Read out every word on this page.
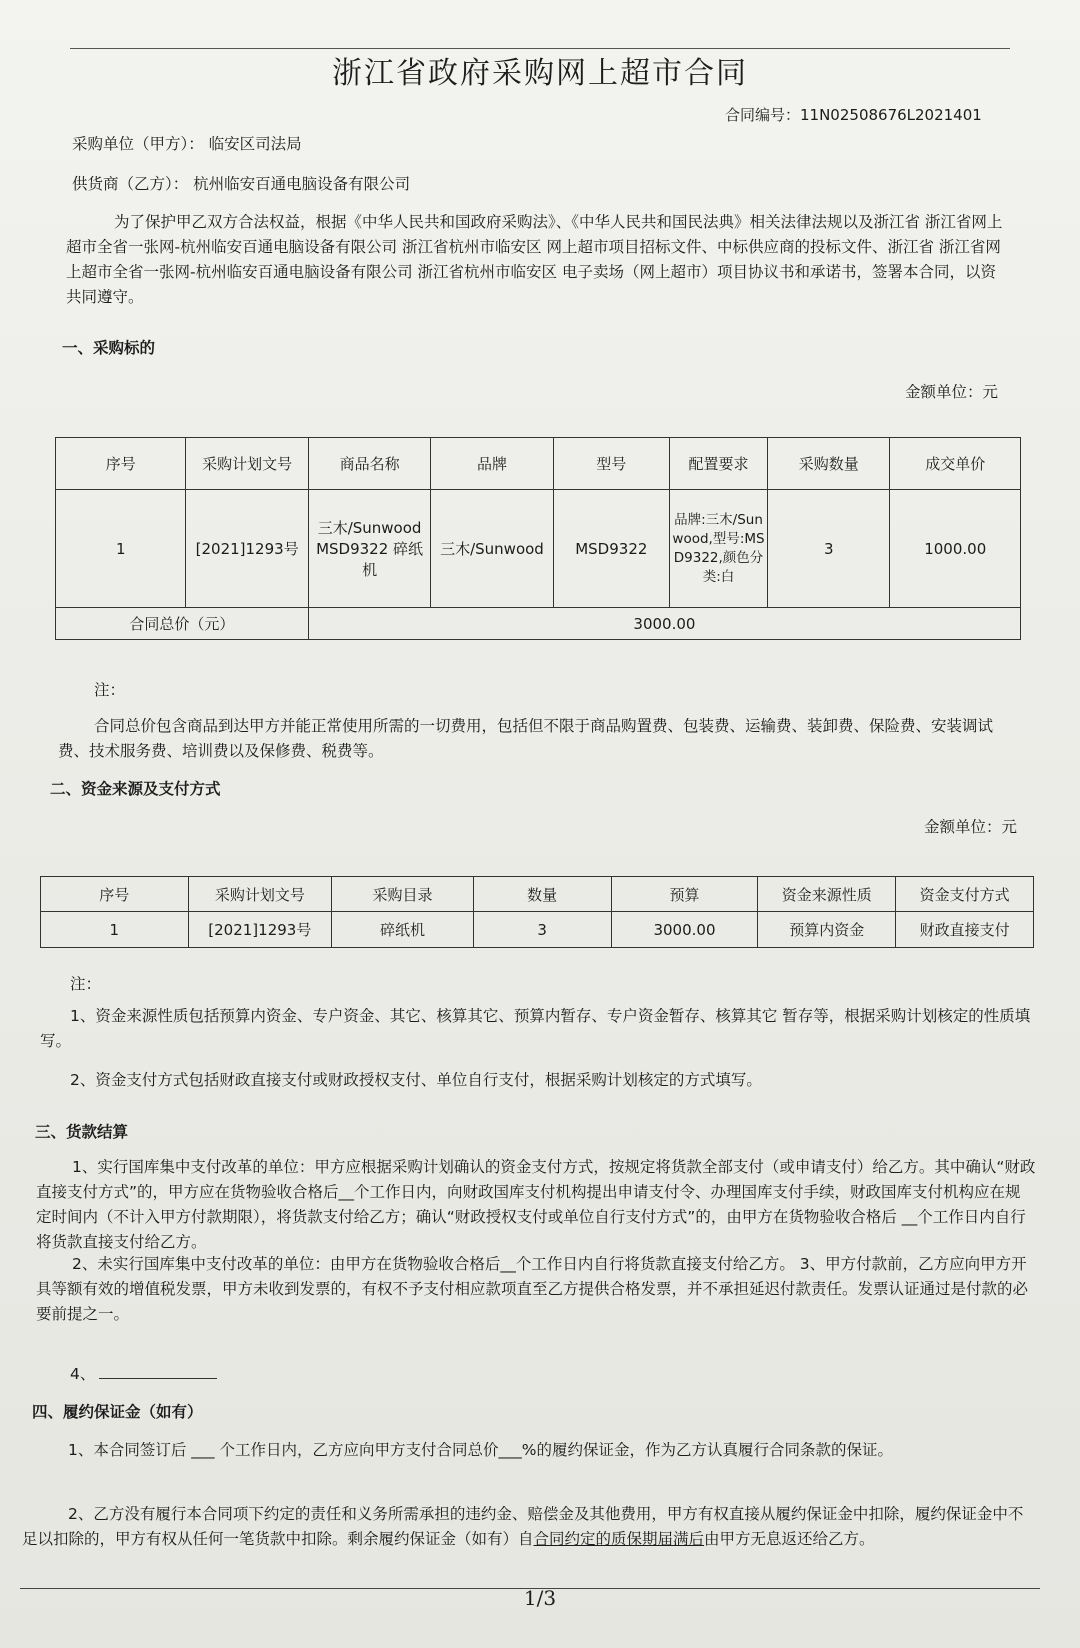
浙江省政府采购网上超市合同
合同编号：11N02508676L2021401
采购单位（甲方）： 临安区司法局
供货商（乙方）： 杭州临安百通电脑设备有限公司
为了保护甲乙双方合法权益，根据《中华人民共和国政府采购法》、《中华人民共和国民法典》相关法律法规以及浙江省 浙江省网上超市全省一张网-杭州临安百通电脑设备有限公司 浙江省杭州市临安区 网上超市项目招标文件、中标供应商的投标文件、浙江省 浙江省网上超市全省一张网-杭州临安百通电脑设备有限公司 浙江省杭州市临安区 电子卖场（网上超市）项目协议书和承诺书，签署本合同，以资共同遵守。
一、采购标的
金额单位：元
序号	采购计划文号	商品名称	品牌	型号	配置要求	采购数量	成交单价
1	[2021]1293号	三木/Sunwood MSD9322 碎纸机	三木/Sunwood	MSD9322	品牌:三木/Sunwood,型号:MSD9322,颜色分类:白	3	1000.00
合同总价（元）		3000.00					
注：
合同总价包含商品到达甲方并能正常使用所需的一切费用，包括但不限于商品购置费、包装费、运输费、装卸费、保险费、安装调试费、技术服务费、培训费以及保修费、税费等。
二、资金来源及支付方式
金额单位：元
序号	采购计划文号	采购目录	数量	预算	资金来源性质	资金支付方式
1	[2021]1293号	碎纸机	3	3000.00	预算内资金	财政直接支付
注：
1、资金来源性质包括预算内资金、专户资金、其它、核算其它、预算内暂存、专户资金暂存、核算其它 暂存等，根据采购计划核定的性质填写。
2、资金支付方式包括财政直接支付或财政授权支付、单位自行支付，根据采购计划核定的方式填写。
三、货款结算
1、实行国库集中支付改革的单位：甲方应根据采购计划确认的资金支付方式，按规定将货款全部支付（或申请支付）给乙方。其中确认“财政直接支付方式”的，甲方应在货物验收合格后__个工作日内，向财政国库支付机构提出申请支付令、办理国库支付手续，财政国库支付机构应在规定时间内（不计入甲方付款期限），将货款支付给乙方；确认“财政授权支付或单位自行支付方式”的，由甲方在货物验收合格后 __个工作日内自行将货款直接支付给乙方。
2、未实行国库集中支付改革的单位：由甲方在货物验收合格后__个工作日内自行将货款直接支付给乙方。 3、甲方付款前，乙方应向甲方开具等额有效的增值税发票，甲方未收到发票的，有权不予支付相应款项直至乙方提供合格发票，并不承担延迟付款责任。发票认证通过是付款的必要前提之一。
4、
四、履约保证金（如有）
1、本合同签订后 ___ 个工作日内，乙方应向甲方支付合同总价___%的履约保证金，作为乙方认真履行合同条款的保证。
2、乙方没有履行本合同项下约定的责任和义务所需承担的违约金、赔偿金及其他费用，甲方有权直接从履约保证金中扣除，履约保证金中不足以扣除的，甲方有权从任何一笔货款中扣除。剩余履约保证金（如有）自合同约定的质保期届满后由甲方无息返还给乙方。
1/3
